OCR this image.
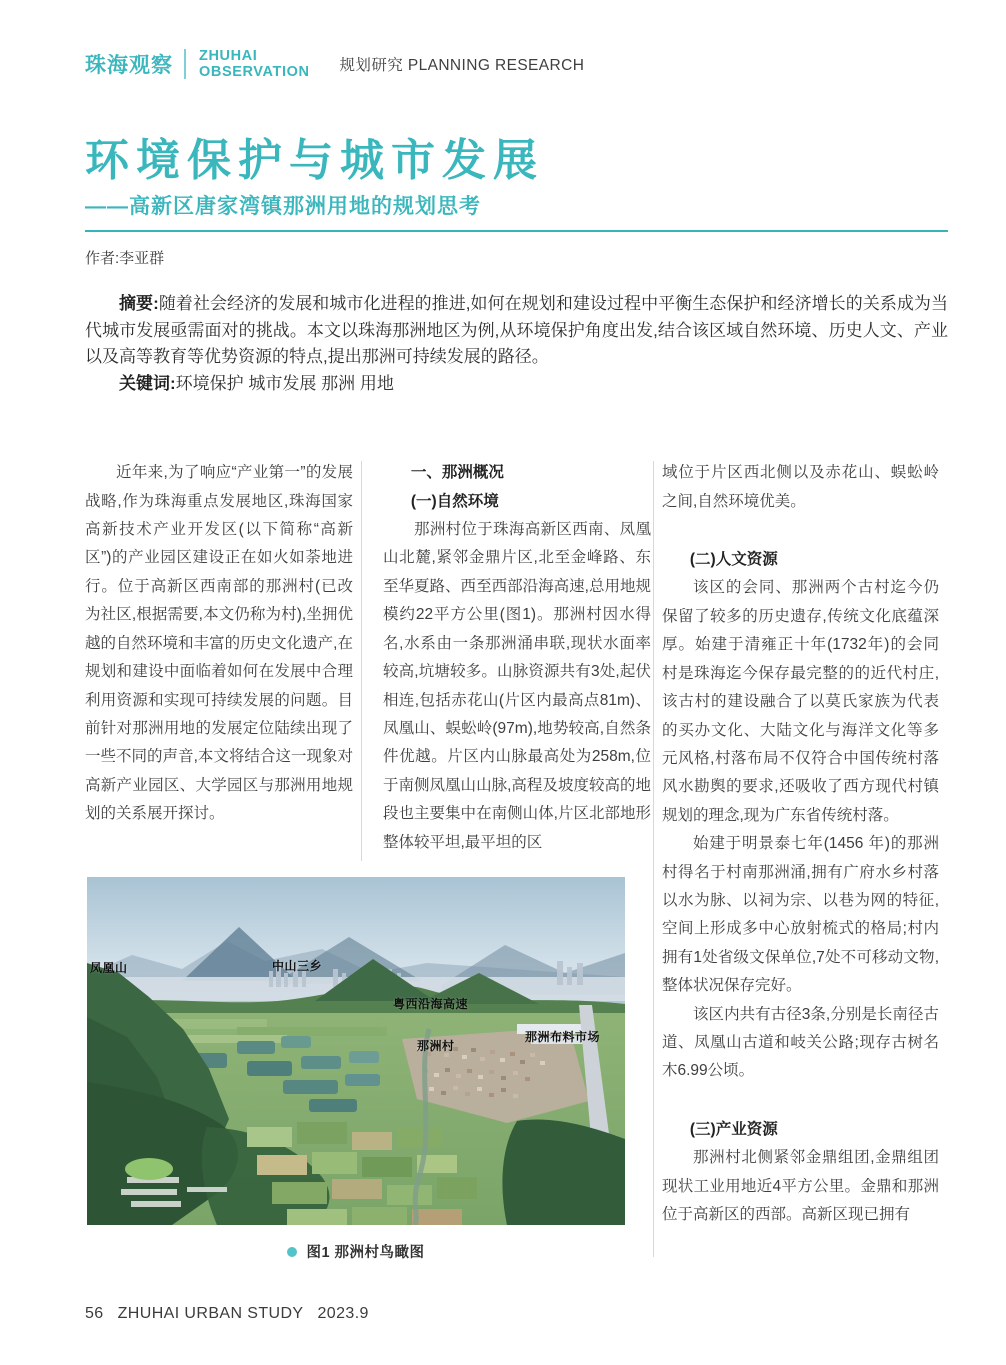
珠海观察 ZHUHAI
OBSERVATION 规划研究 PLANNING RESEARCH
环境保护与城市发展
——高新区唐家湾镇那洲用地的规划思考
作者:李亚群

摘要:随着社会经济的发展和城市化进程的推进,如何在规划和建设过程中平衡生态保护和经济增长的关系成为当代城市发展亟需面对的挑战。本文以珠海那洲地区为例,从环境保护角度出发,结合该区域自然环境、历史人文、产业以及高等教育等优势资源的特点,提出那洲可持续发展的路径。

关键词:环境保护 城市发展 那洲 用地

近年来,为了响应“产业第一”的发展战略,作为珠海重点发展地区,珠海国家高新技术产业开发区(以下简称“高新区”)的产业园区建设正在如火如荼地进行。位于高新区西南部的那洲村(已改为社区,根据需要,本文仍称为村),坐拥优越的自然环境和丰富的历史文化遗产,在规划和建设中面临着如何在发展中合理利用资源和实现可持续发展的问题。目前针对那洲用地的发展定位陆续出现了一些不同的声音,本文将结合这一现象对高新产业园区、大学园区与那洲用地规划的关系展开探讨。

一、那洲概况
(一)自然环境

那洲村位于珠海高新区西南、凤凰山北麓,紧邻金鼎片区,北至金峰路、东至华夏路、西至西部沿海高速,总用地规模约22平方公里(图1)。那洲村因水得名,水系由一条那洲涌串联,现状水面率较高,坑塘较多。山脉资源共有3处,起伏相连,包括赤花山(片区内最高点81m)、凤凰山、蜈蚣岭(97m),地势较高,自然条件优越。片区内山脉最高处为258m,位于南侧凤凰山山脉,高程及坡度较高的地段也主要集中在南侧山体,片区北部地形整体较平坦,最平坦的区

域位于片区西北侧以及赤花山、蜈蚣岭之间,自然环境优美。

(二)人文资源

该区的会同、那洲两个古村迄今仍保留了较多的历史遗存,传统文化底蕴深厚。始建于清雍正十年(1732年)的会同村是珠海迄今保存最完整的的近代村庄,该古村的建设融合了以莫氏家族为代表的买办文化、大陆文化与海洋文化等多元风格,村落布局不仅符合中国传统村落风水勘舆的要求,还吸收了西方现代村镇规划的理念,现为广东省传统村落。

始建于明景泰七年(1456 年)的那洲村得名于村南那洲涌,拥有广府水乡村落以水为脉、以祠为宗、以巷为网的特征,空间上形成多中心放射梳式的格局;村内拥有1处省级文保单位,7处不可移动文物,整体状况保存完好。

该区内共有古径3条,分别是长南径古道、凤凰山古道和岐关公路;现存古树名木6.99公顷。

(三)产业资源

那洲村北侧紧邻金鼎组团,金鼎组团现状工业用地近4平方公里。金鼎和那洲位于高新区的西部。高新区现已拥有

凤凰山	中山三乡
粤西沿海高速
那洲村
那洲布料市场
图1 那洲村鸟瞰图
56 ZHUHAI URBAN STUDY 2023.9
